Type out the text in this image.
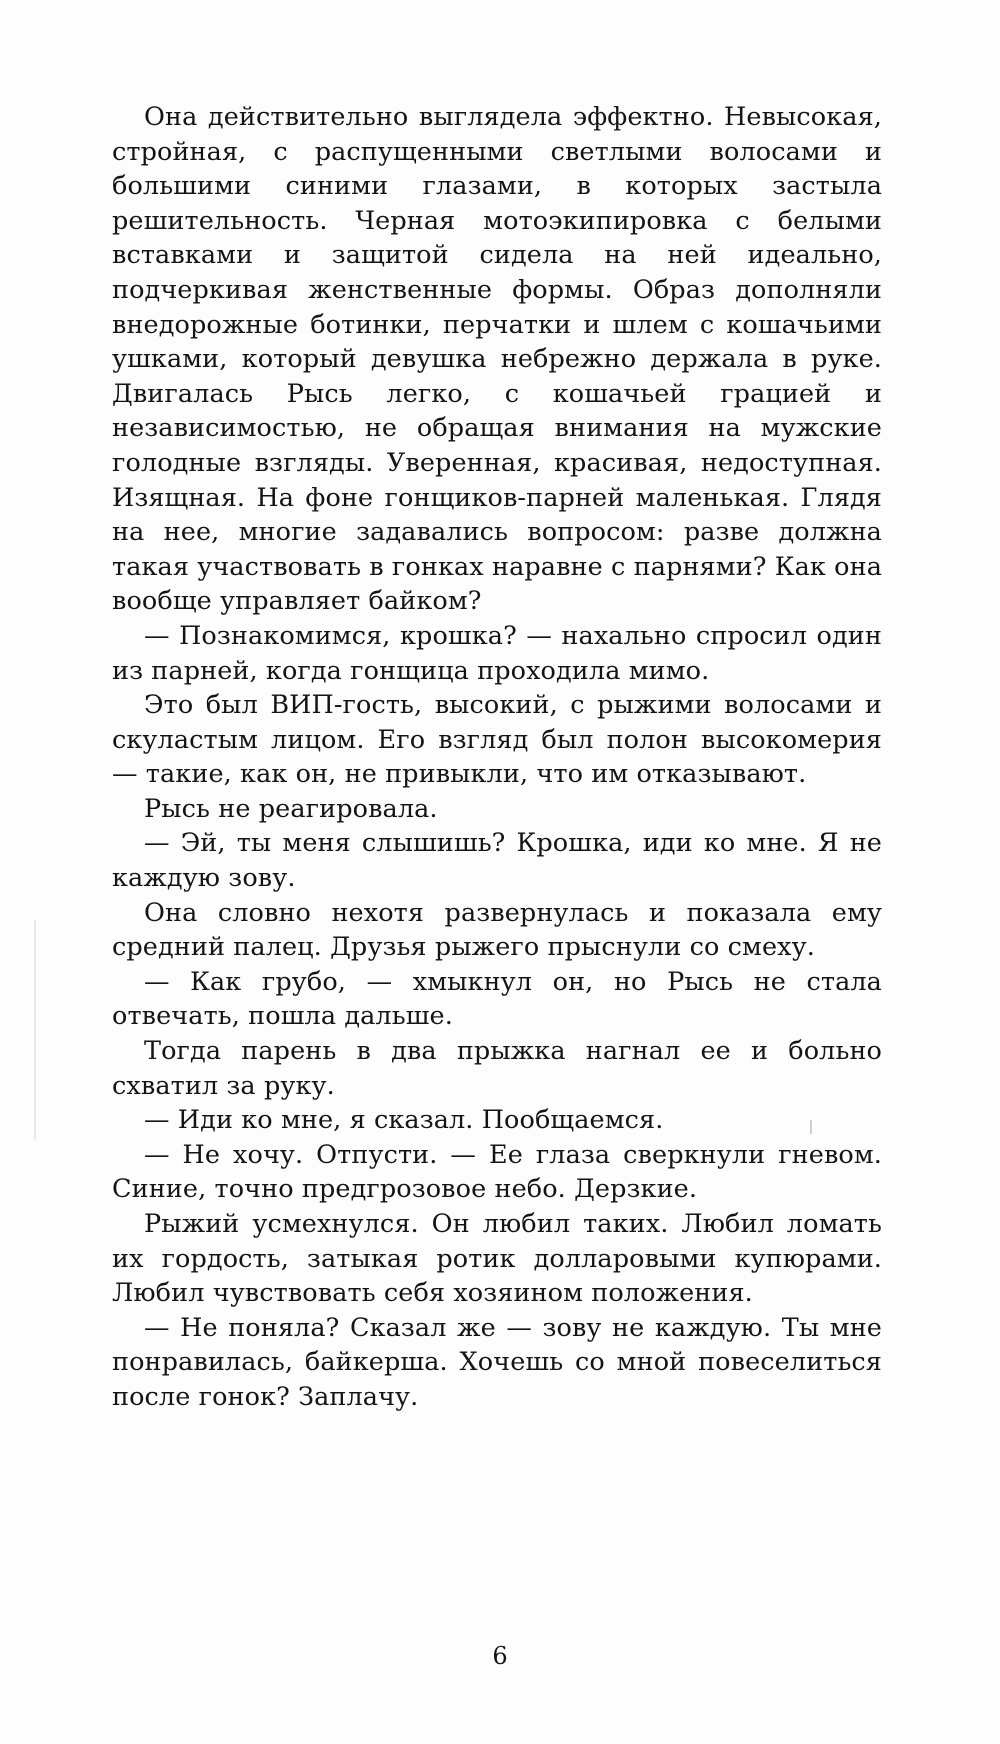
Она действительно выглядела эффектно. Невысокая, стройная, с распущенными светлыми волосами и большими синими глазами, в которых застыла решительность. Черная мотоэкипировка с белыми вставками и защитой сидела на ней идеально, подчеркивая женственные формы. Образ дополняли внедорожные ботинки, перчатки и шлем с кошачьими ушками, который девушка небрежно держала в руке. Двигалась Рысь легко, с кошачьей грацией и независимостью, не обращая внимания на мужские голодные взгляды. Уверенная, красивая, недоступная. Изящная. На фоне гонщиков-парней маленькая. Глядя на нее, многие задавались вопросом: разве должна такая участвовать в гонках наравне с парнями? Как она вообще управляет байком?

— Познакомимся, крошка? — нахально спросил один из парней, когда гонщица проходила мимо.

Это был ВИП-гость, высокий, с рыжими волосами и скуластым лицом. Его взгляд был полон высокомерия — такие, как он, не привыкли, что им отказывают.

Рысь не реагировала.

— Эй, ты меня слышишь? Крошка, иди ко мне. Я не каждую зову.

Она словно нехотя развернулась и показала ему средний палец. Друзья рыжего прыснули со смеху.

— Как грубо, — хмыкнул он, но Рысь не стала отвечать, пошла дальше.

Тогда парень в два прыжка нагнал ее и больно схватил за руку.

— Иди ко мне, я сказал. Пообщаемся.

— Не хочу. Отпусти. — Ее глаза сверкнули гневом. Синие, точно предгрозовое небо. Дерзкие.

Рыжий усмехнулся. Он любил таких. Любил ломать их гордость, затыкая ротик долларовыми купюрами. Любил чувствовать себя хозяином положения.

— Не поняла? Сказал же — зову не каждую. Ты мне понравилась, байкерша. Хочешь со мной повеселиться после гонок? Заплачу.

6
